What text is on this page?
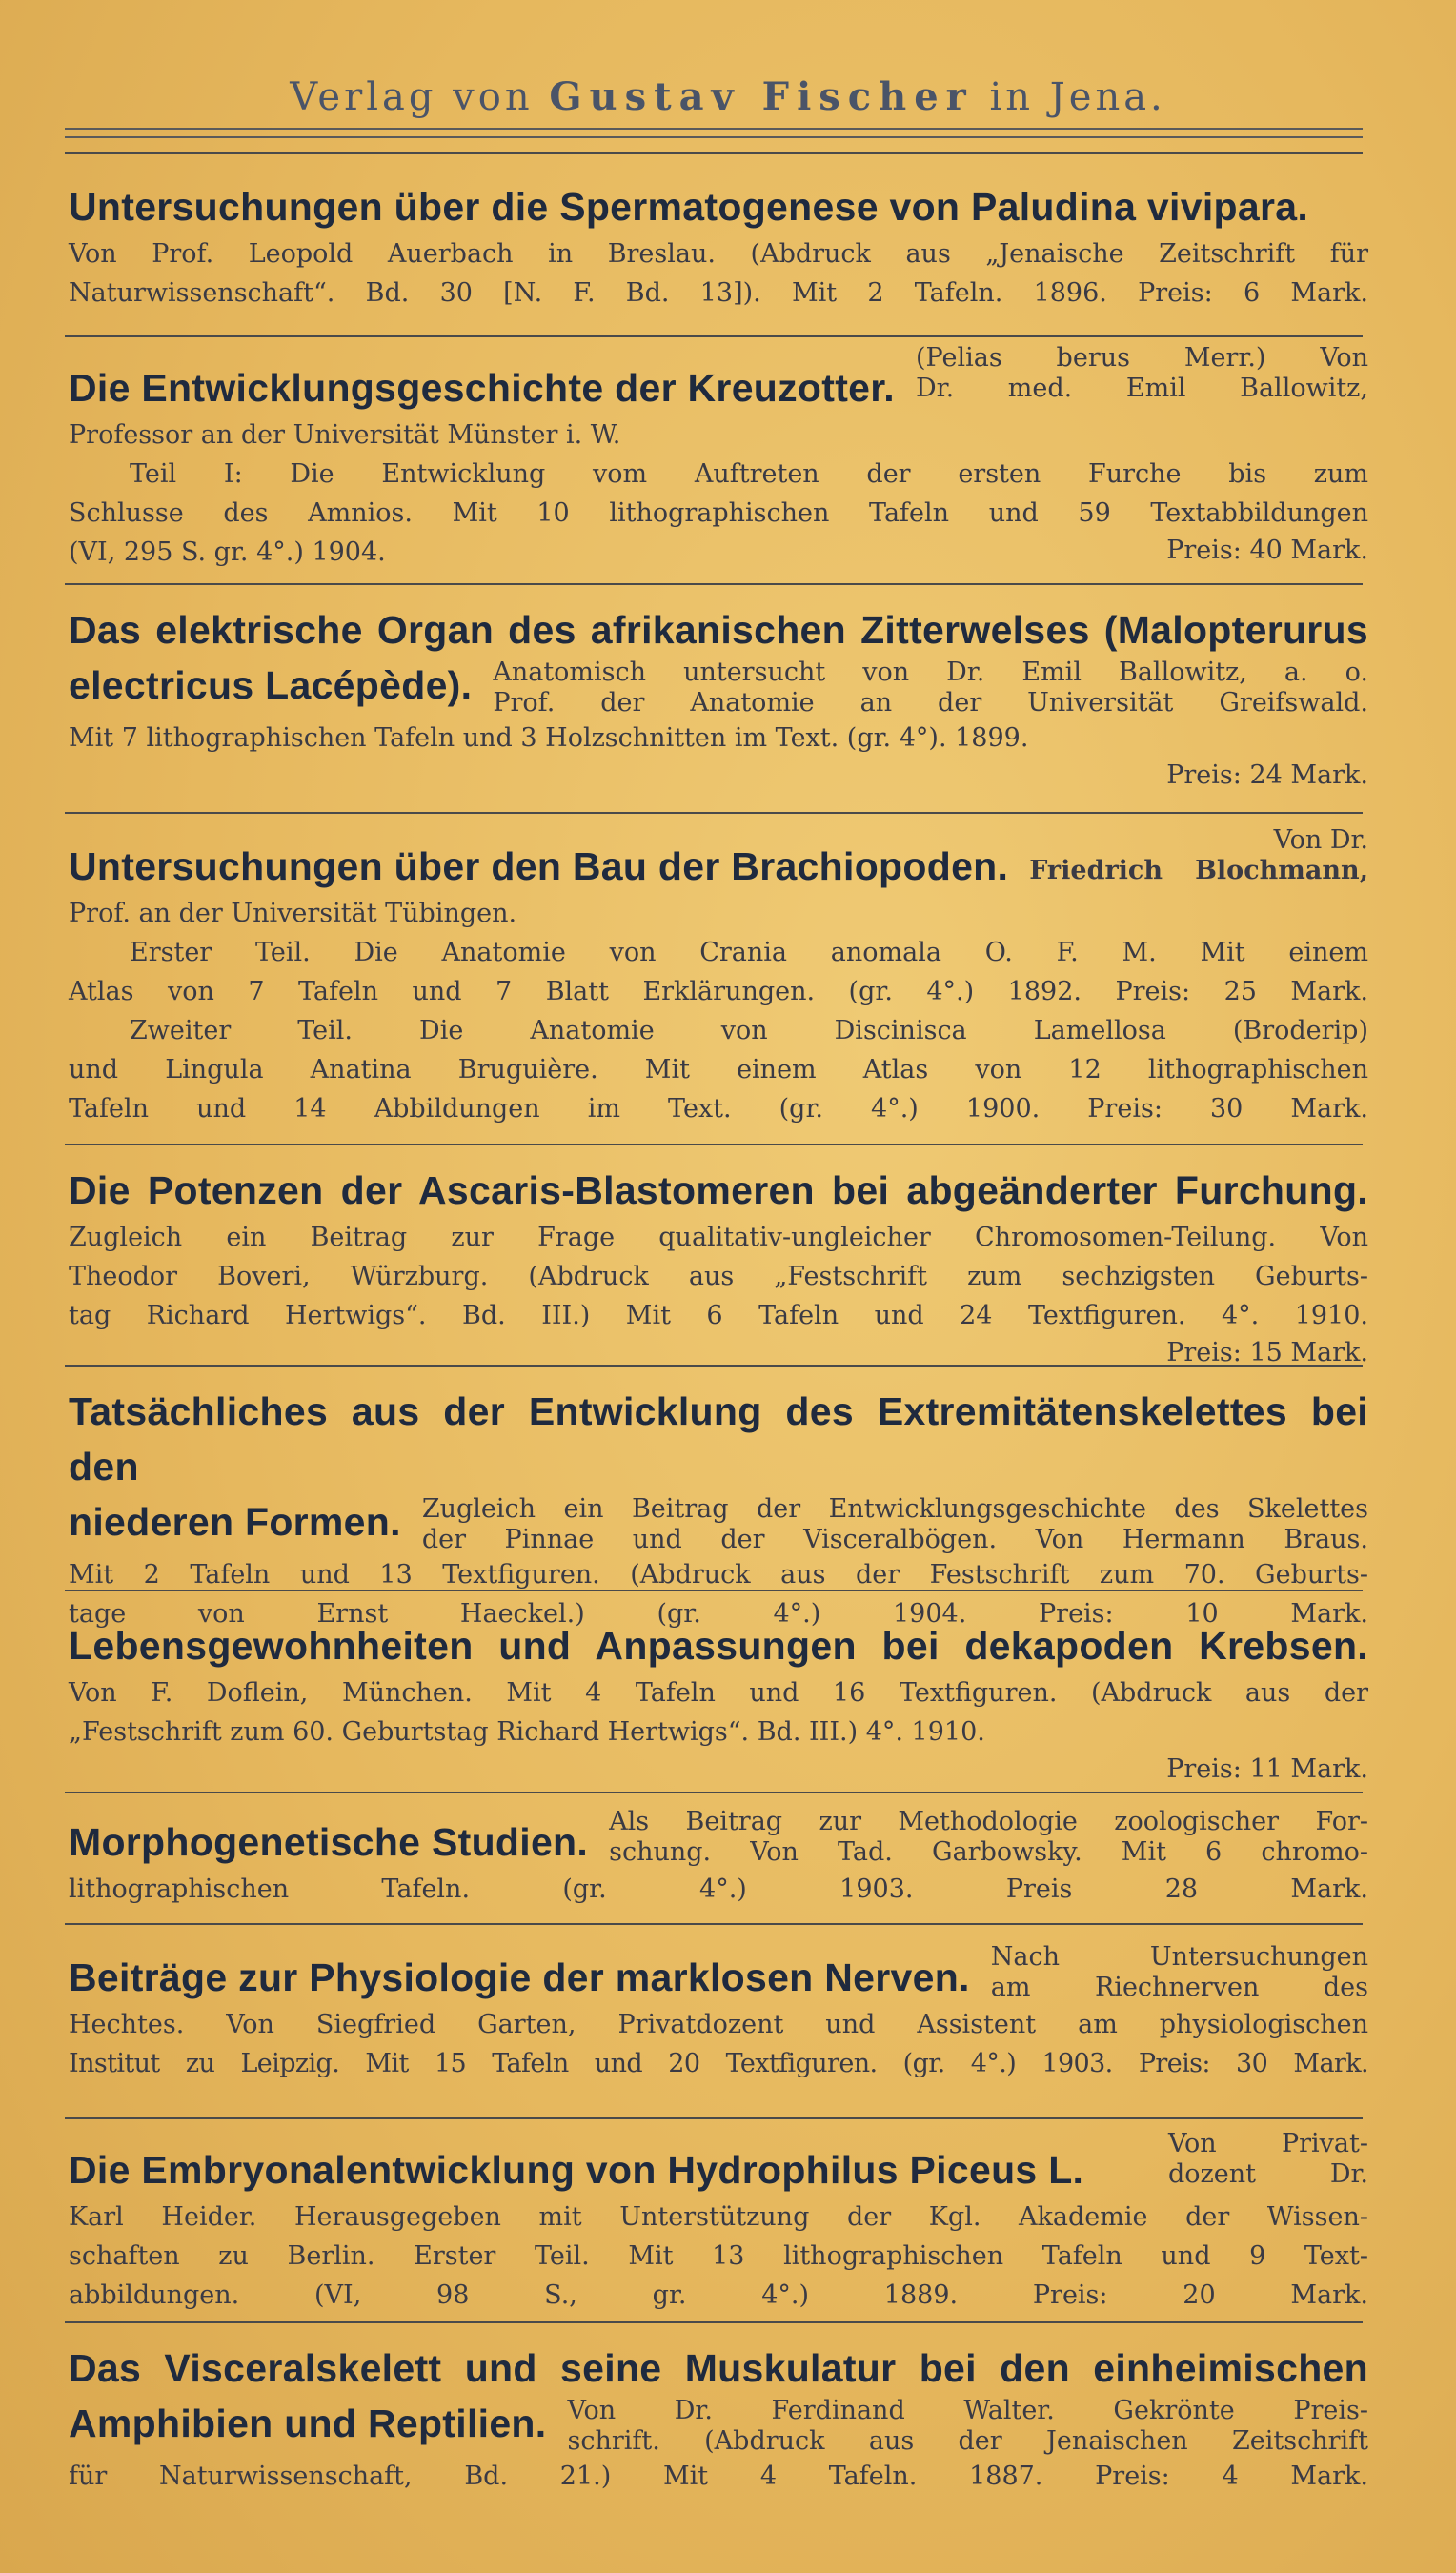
Verlag von Gustav Fischer in Jena.
Untersuchungen über die Spermatogenese von Paludina vivipara.
Von Prof. Leopold Auerbach in Breslau. (Abdruck aus „Jenaische Zeitschrift für
Naturwissenschaft“. Bd. 30 [N. F. Bd. 13]). Mit 2 Tafeln. 1896. Preis: 6 Mark.
Die Entwicklungsgeschichte der Kreuzotter.
(Pelias berus Merr.) Von
Dr. med. Emil Ballowitz,
Professor an der Universität Münster i. W.
Teil I: Die Entwicklung vom Auftreten der ersten Furche bis zum
Schlusse des Amnios. Mit 10 lithographischen Tafeln und 59 Textabbildungen
(VI, 295 S. gr. 4°.) 1904.	Preis: 40 Mark.
Das elektrische Organ des afrikanischen Zitterwelses (Malopterurus
electricus Lacépède). Anatomisch untersucht von Dr. Emil Ballowitz, a. o.
Prof. der Anatomie an der Universität Greifswald.
Mit 7 lithographischen Tafeln und 3 Holzschnitten im Text. (gr. 4°). 1899.
Preis: 24 Mark.
Untersuchungen über den Bau der Brachiopoden.
Von Dr.
Friedrich Blochmann,
Prof. an der Universität Tübingen.
Erster Teil. Die Anatomie von Crania anomala O. F. M. Mit einem
Atlas von 7 Tafeln und 7 Blatt Erklärungen. (gr. 4°.) 1892. Preis: 25 Mark.
Zweiter Teil. Die Anatomie von Discinisca Lamellosa (Broderip)
und Lingula Anatina Bruguière. Mit einem Atlas von 12 lithographischen
Tafeln und 14 Abbildungen im Text. (gr. 4°.) 1900. Preis: 30 Mark.
Die Potenzen der Ascaris-Blastomeren bei abgeänderter Furchung.
Zugleich ein Beitrag zur Frage qualitativ-ungleicher Chromosomen-Teilung. Von
Theodor Boveri, Würzburg. (Abdruck aus „Festschrift zum sechzigsten Geburts-
tag Richard Hertwigs“. Bd. III.) Mit 6 Tafeln und 24 Textfiguren. 4°. 1910.
Preis: 15 Mark.
Tatsächliches aus der Entwicklung des Extremitätenskelettes bei den
niederen Formen. Zugleich ein Beitrag der Entwicklungsgeschichte des Skelettes
der Pinnae und der Visceralbögen. Von Hermann Braus.
Mit 2 Tafeln und 13 Textfiguren. (Abdruck aus der Festschrift zum 70. Geburts-
tage von Ernst Haeckel.) (gr. 4°.) 1904. Preis: 10 Mark.
Lebensgewohnheiten und Anpassungen bei dekapoden Krebsen.
Von F. Doflein, München. Mit 4 Tafeln und 16 Textfiguren. (Abdruck aus der
„Festschrift zum 60. Geburtstag Richard Hertwigs“. Bd. III.) 4°. 1910.
Preis: 11 Mark.
Morphogenetische Studien. Als Beitrag zur Methodologie zoologischer For-
schung. Von Tad. Garbowsky. Mit 6 chromo-
lithographischen Tafeln. (gr. 4°.) 1903. Preis 28 Mark.
Beiträge zur Physiologie der marklosen Nerven. Nach Untersuchungen
am Riechnerven des
Hechtes. Von Siegfried Garten, Privatdozent und Assistent am physiologischen
Institut zu Leipzig. Mit 15 Tafeln und 20 Textfiguren. (gr. 4°.) 1903. Preis: 30 Mark.
Die Embryonalentwicklung von Hydrophilus Piceus L.
Von Privat-
dozent Dr.
Karl Heider. Herausgegeben mit Unterstützung der Kgl. Akademie der Wissen-
schaften zu Berlin. Erster Teil. Mit 13 lithographischen Tafeln und 9 Text-
abbildungen. (VI, 98 S., gr. 4°.) 1889. Preis: 20 Mark.
Das Visceralskelett und seine Muskulatur bei den einheimischen
Amphibien und Reptilien. Von Dr. Ferdinand Walter. Gekrönte Preis-
schrift. (Abdruck aus der Jenaischen Zeitschrift
für Naturwissenschaft, Bd. 21.) Mit 4 Tafeln. 1887. Preis: 4 Mark.
